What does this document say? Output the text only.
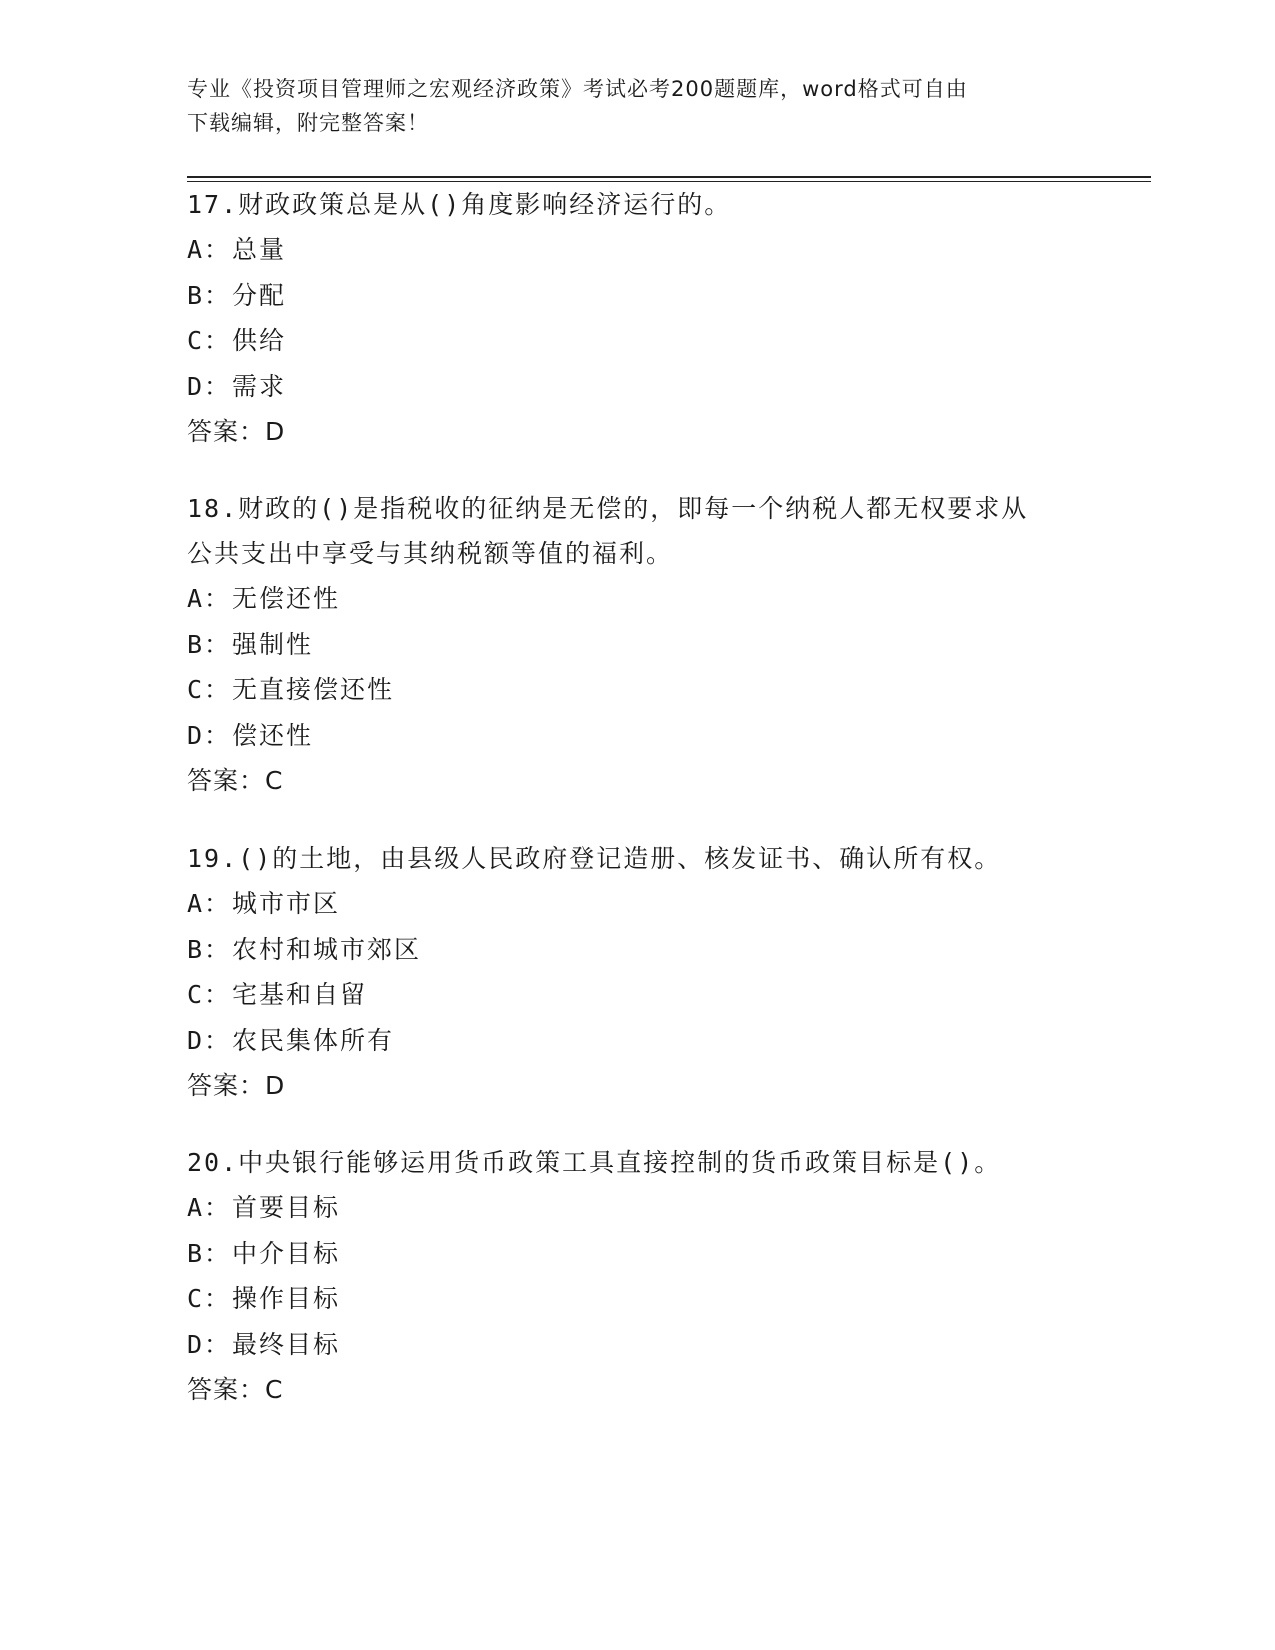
专业《投资项目管理师之宏观经济政策》考试必考200题题库，word格式可自由
下载编辑，附完整答案！

17.财政政策总是从()角度影响经济运行的。

A： 总量

B： 分配

C： 供给

D： 需求

答案：D

18.财政的()是指税收的征纳是无偿的，即每一个纳税人都无权要求从

公共支出中享受与其纳税额等值的福利。

A： 无偿还性

B： 强制性

C： 无直接偿还性

D： 偿还性

答案：C

19.()的土地，由县级人民政府登记造册、核发证书、确认所有权。

A： 城市市区

B： 农村和城市郊区

C： 宅基和自留

D： 农民集体所有

答案：D

20.中央银行能够运用货币政策工具直接控制的货币政策目标是()。

A： 首要目标

B： 中介目标

C： 操作目标

D： 最终目标

答案：C
